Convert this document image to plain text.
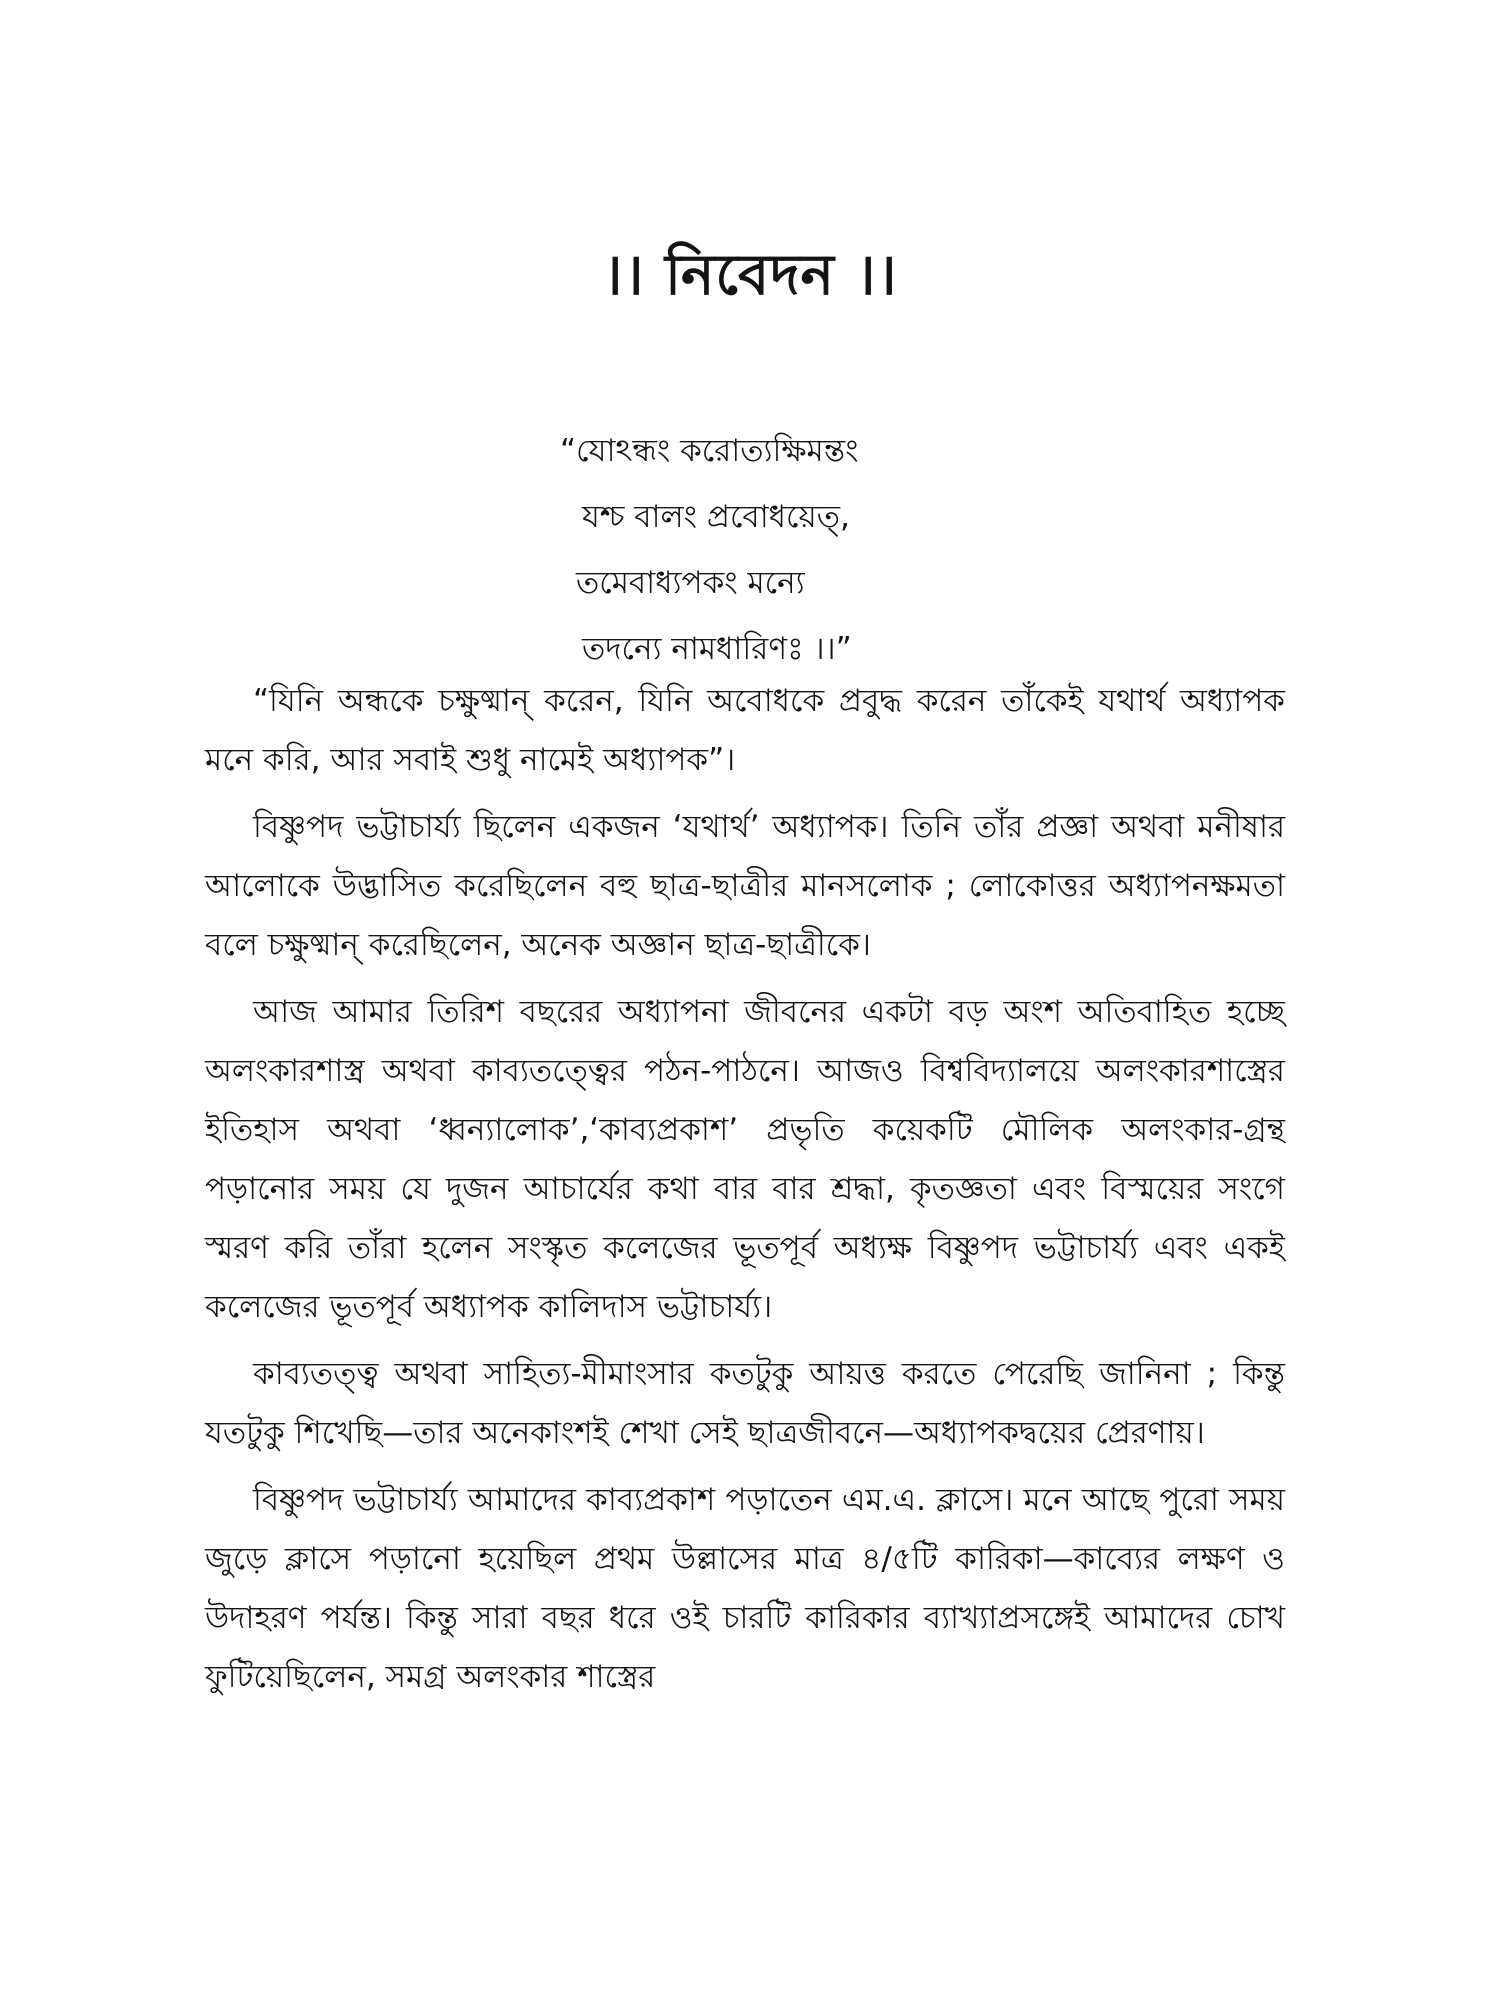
।। নিবেদন ।।
“যোঽন্ধং করোত্যক্ষিমন্তং
যশ্চ বালং প্রবোধয়েত্,
তমেবাধ্যপকং মন্যে
তদন্যে নামধারিণঃ ।।”

“যিনি অন্ধকে চক্ষুষ্মান্ করেন, যিনি অবোধকে প্রবুদ্ধ করেন তাঁকেই যথার্থ অধ্যাপক মনে করি, আর সবাই শুধু নামেই অধ্যাপক”।

বিষ্ণুপদ ভট্টাচার্য্য ছিলেন একজন ‘যথার্থ’ অধ্যাপক। তিনি তাঁর প্রজ্ঞা অথবা মনীষার আলোকে উদ্ভাসিত করেছিলেন বহু ছাত্র-ছাত্রীর মানসলোক ; লোকোত্তর অধ্যাপনক্ষমতা বলে চক্ষুষ্মান্ করেছিলেন, অনেক অজ্ঞান ছাত্র-ছাত্রীকে।

আজ আমার তিরিশ বছরের অধ্যাপনা জীবনের একটা বড় অংশ অতিবাহিত হচ্ছে অলংকারশাস্ত্র অথবা কাব্যতত্ত্বের পঠন-পাঠনে। আজও বিশ্ববিদ্যালয়ে অলংকারশাস্ত্রের ইতিহাস অথবা ‘ধ্বন্যালোক’,‘কাব্যপ্রকাশ’ প্রভৃতি কয়েকটি মৌলিক অলংকার-গ্রন্থ পড়ানোর সময় যে দুজন আচার্যের কথা বার বার শ্রদ্ধা, কৃতজ্ঞতা এবং বিস্ময়ের সংগে স্মরণ করি তাঁরা হলেন সংস্কৃত কলেজের ভূতপূর্ব অধ্যক্ষ বিষ্ণুপদ ভট্টাচার্য্য এবং একই কলেজের ভূতপূর্ব অধ্যাপক কালিদাস ভট্টাচার্য্য।

কাব্যতত্ত্ব অথবা সাহিত্য-মীমাংসার কতটুকু আয়ত্ত করতে পেরেছি জানিনা ; কিন্তু যতটুকু শিখেছি—তার অনেকাংশই শেখা সেই ছাত্রজীবনে—অধ্যাপকদ্বয়ের প্রেরণায়।

বিষ্ণুপদ ভট্টাচার্য্য আমাদের কাব্যপ্রকাশ পড়াতেন এম.এ. ক্লাসে। মনে আছে পুরো সময় জুড়ে ক্লাসে পড়ানো হয়েছিল প্রথম উল্লাসের মাত্র ৪/৫টি কারিকা—কাব্যের লক্ষণ ও উদাহরণ পর্যন্ত। কিন্তু সারা বছর ধরে ওই চারটি কারিকার ব্যাখ্যাপ্রসঙ্গেই আমাদের চোখ ফুটিয়েছিলেন, সমগ্র অলংকার শাস্ত্রের
